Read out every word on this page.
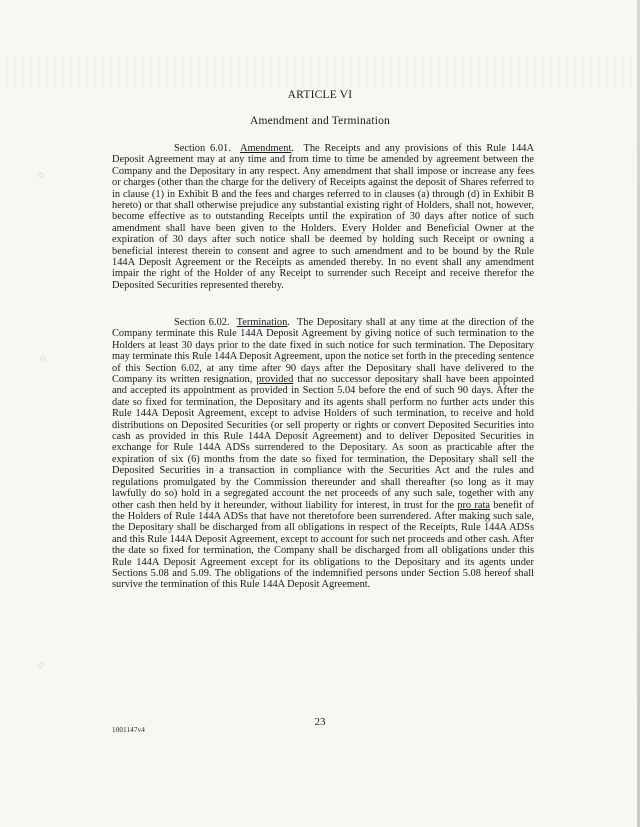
◌
◌
◌
ARTICLE VI
Amendment and Termination
Section 6.01. Amendment.  The Receipts and any provisions of this Rule 144A Deposit Agreement may at any time and from time to time be amended by agreement between the Company and the Depositary in any respect. Any amendment that shall impose or increase any fees or charges (other than the charge for the delivery of Receipts against the deposit of Shares referred to in clause (1) in Exhibit B and the fees and charges referred to in clauses (a) through (d) in Exhibit B hereto) or that shall otherwise prejudice any substantial existing right of Holders, shall not, however, become effective as to outstanding Receipts until the expiration of 30 days after notice of such amendment shall have been given to the Holders. Every Holder and Beneficial Owner at the expiration of 30 days after such notice shall be deemed by holding such Receipt or owning a beneficial interest therein to consent and agree to such amendment and to be bound by the Rule 144A Deposit Agreement or the Receipts as amended thereby. In no event shall any amendment impair the right of the Holder of any Receipt to surrender such Receipt and receive therefor the Deposited Securities represented thereby.
Section 6.02. Termination.  The Depositary shall at any time at the direction of the Company terminate this Rule 144A Deposit Agreement by giving notice of such termination to the Holders at least 30 days prior to the date fixed in such notice for such termination. The Depositary may terminate this Rule 144A Deposit Agreement, upon the notice set forth in the preceding sentence of this Section 6.02, at any time after 90 days after the Depositary shall have delivered to the Company its written resignation, provided that no successor depositary shall have been appointed and accepted its appointment as provided in Section 5.04 before the end of such 90 days. After the date so fixed for termination, the Depositary and its agents shall perform no further acts under this Rule 144A Deposit Agreement, except to advise Holders of such termination, to receive and hold distributions on Deposited Securities (or sell property or rights or convert Deposited Securities into cash as provided in this Rule 144A Deposit Agreement) and to deliver Deposited Securities in exchange for Rule 144A ADSs surrendered to the Depositary. As soon as practicable after the expiration of six (6) months from the date so fixed for termination, the Depositary shall sell the Deposited Securities in a transaction in compliance with the Securities Act and the rules and regulations promulgated by the Commission thereunder and shall thereafter (so long as it may lawfully do so) hold in a segregated account the net proceeds of any such sale, together with any other cash then held by it hereunder, without liability for interest, in trust for the pro rata benefit of the Holders of Rule 144A ADSs that have not theretofore been surrendered. After making such sale, the Depositary shall be discharged from all obligations in respect of the Receipts, Rule 144A ADSs and this Rule 144A Deposit Agreement, except to account for such net proceeds and other cash. After the date so fixed for termination, the Company shall be discharged from all obligations under this Rule 144A Deposit Agreement except for its obligations to the Depositary and its agents under Sections 5.08 and 5.09. The obligations of the indemnified persons under Section 5.08 hereof shall survive the termination of this Rule 144A Deposit Agreement.
23
1001147v4
